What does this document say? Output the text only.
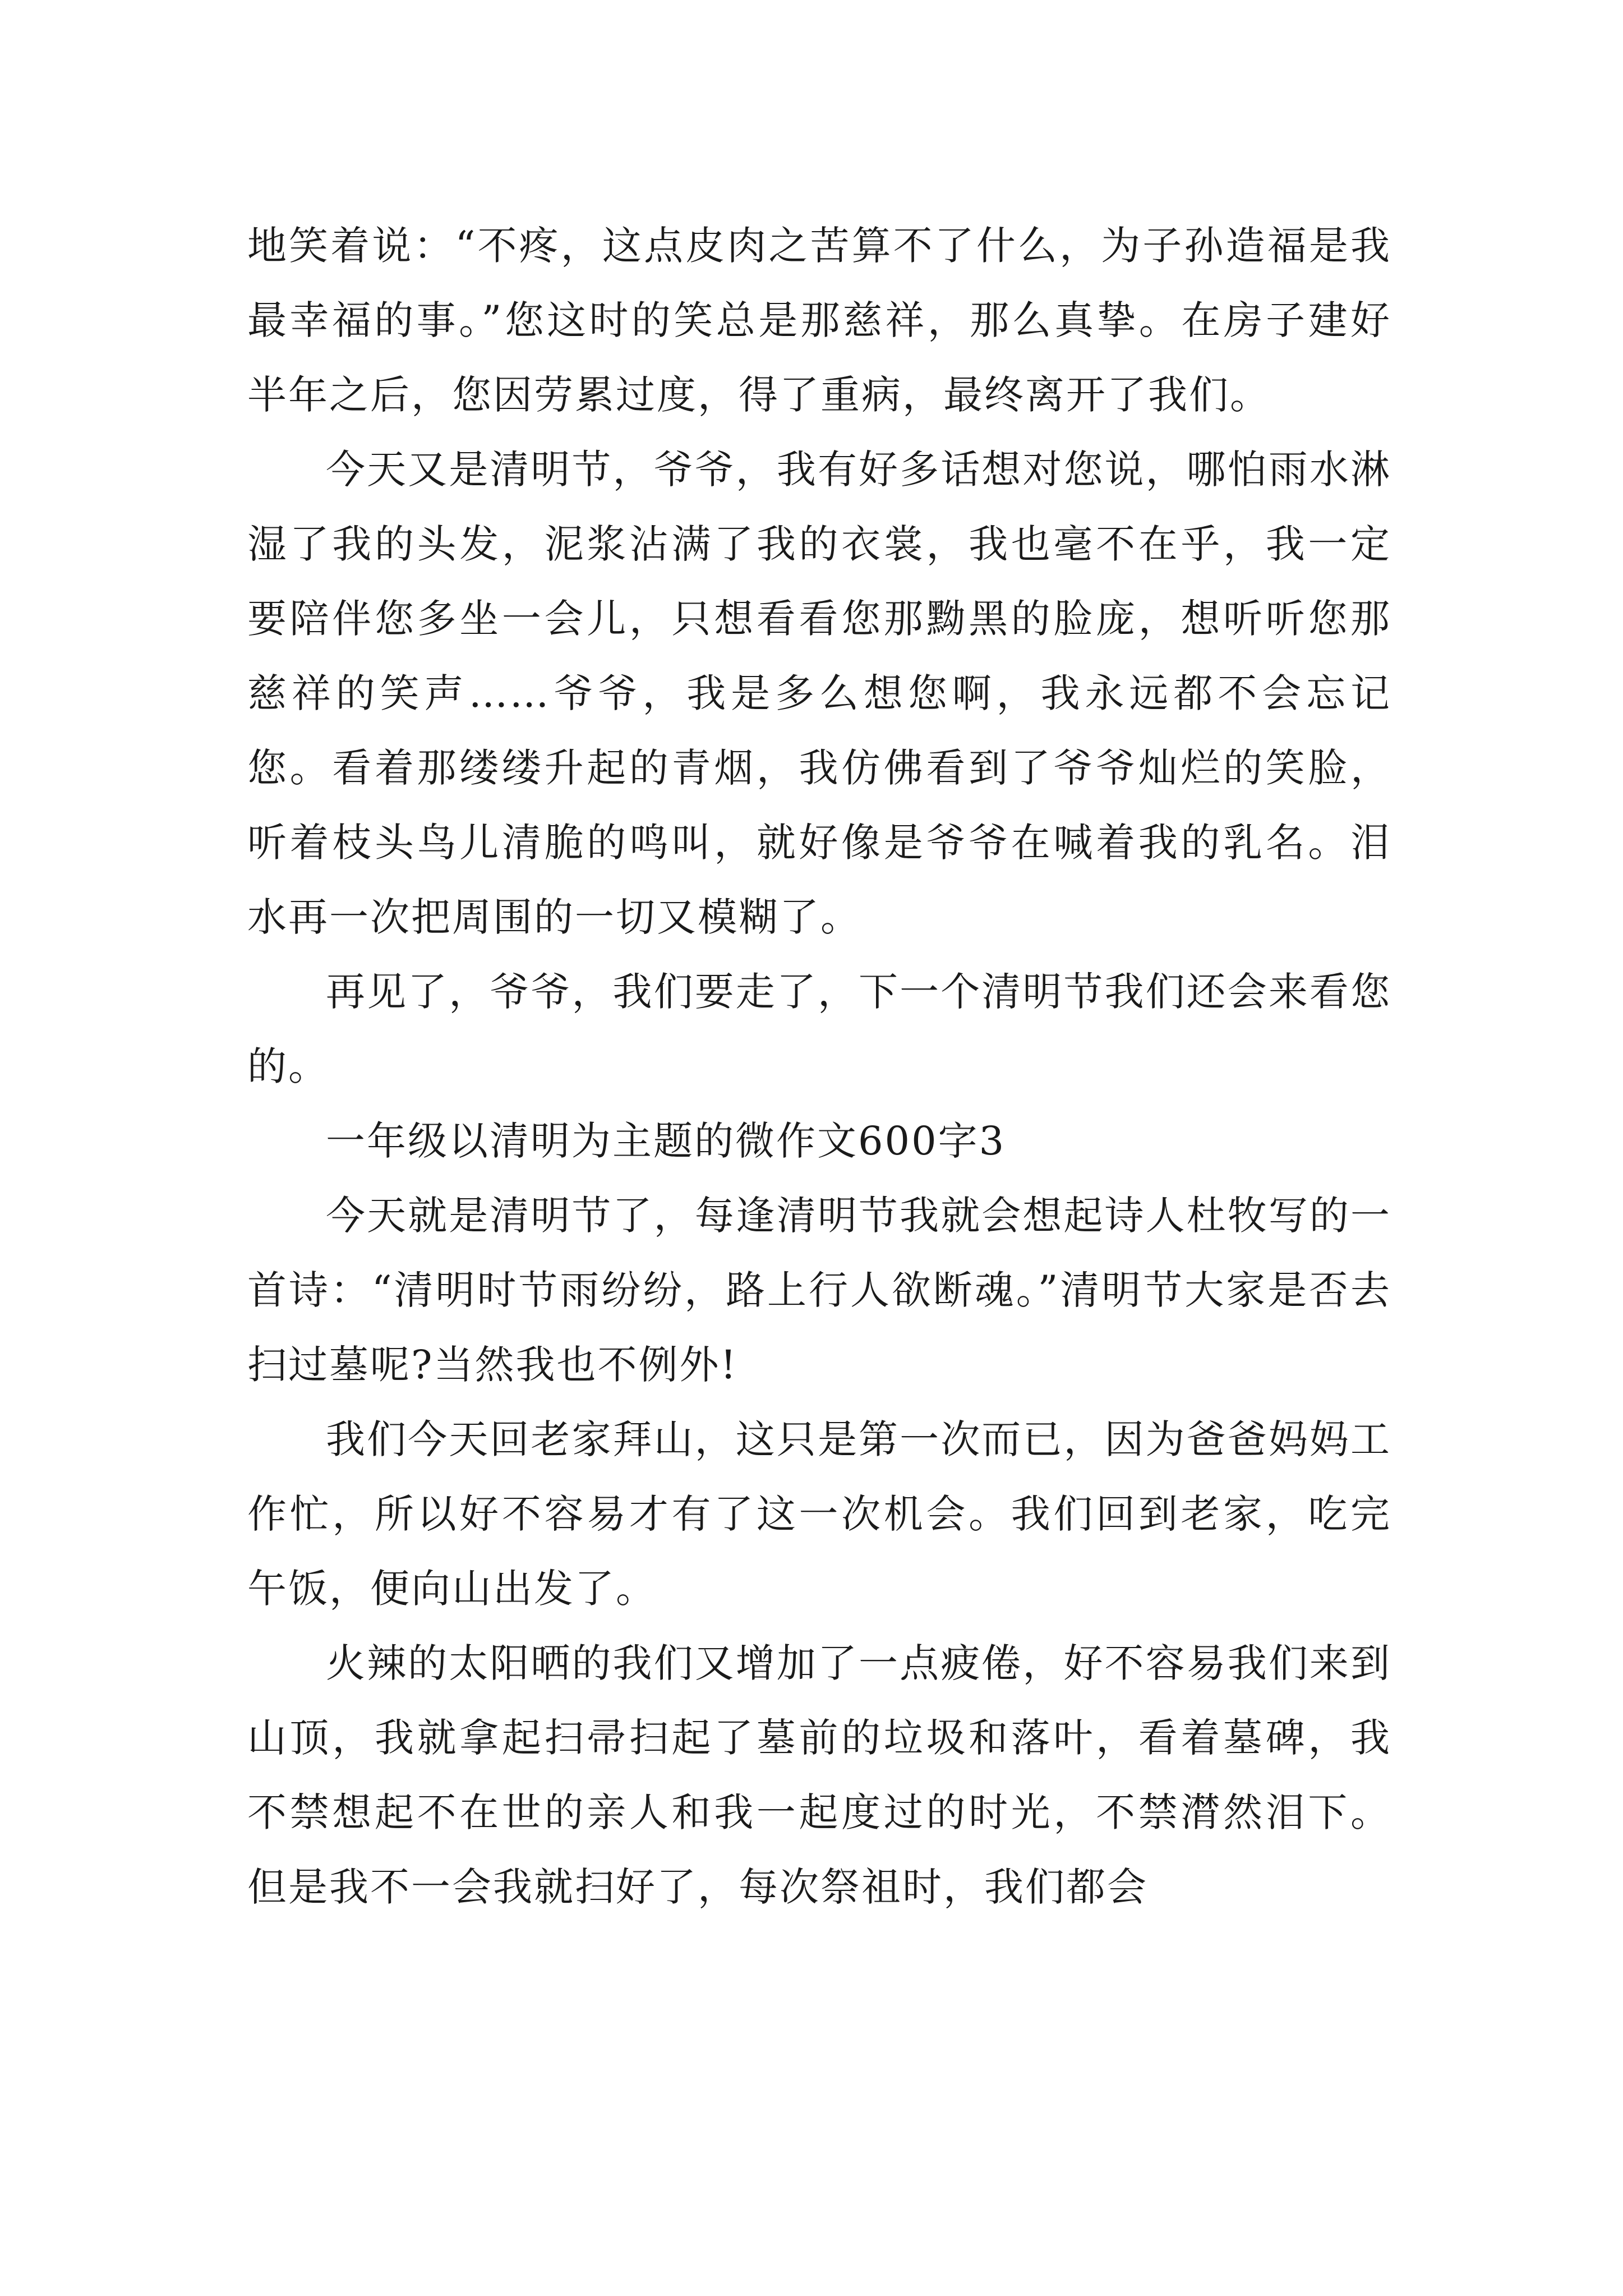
地笑着说：“不疼，这点皮肉之苦算不了什么，为子孙造福是我最幸福的事。”您这时的笑总是那慈祥，那么真挚。在房子建好半年之后，您因劳累过度，得了重病，最终离开了我们。

今天又是清明节，爷爷，我有好多话想对您说，哪怕雨水淋湿了我的头发，泥浆沾满了我的衣裳，我也毫不在乎，我一定要陪伴您多坐一会儿，只想看看您那黝黑的脸庞，想听听您那慈祥的笑声……爷爷，我是多么想您啊，我永远都不会忘记您。看着那缕缕升起的青烟，我仿佛看到了爷爷灿烂的笑脸，听着枝头鸟儿清脆的鸣叫，就好像是爷爷在喊着我的乳名。泪水再一次把周围的一切又模糊了。

再见了，爷爷，我们要走了，下一个清明节我们还会来看您的。

一年级以清明为主题的微作文600字3

今天就是清明节了，每逢清明节我就会想起诗人杜牧写的一首诗：“清明时节雨纷纷，路上行人欲断魂。”清明节大家是否去扫过墓呢?当然我也不例外!

我们今天回老家拜山，这只是第一次而已，因为爸爸妈妈工作忙，所以好不容易才有了这一次机会。我们回到老家，吃完午饭，便向山出发了。

火辣的太阳晒的我们又增加了一点疲倦，好不容易我们来到山顶，我就拿起扫帚扫起了墓前的垃圾和落叶，看着墓碑，我不禁想起不在世的亲人和我一起度过的时光，不禁潸然泪下。但是我不一会我就扫好了，每次祭祖时，我们都会
